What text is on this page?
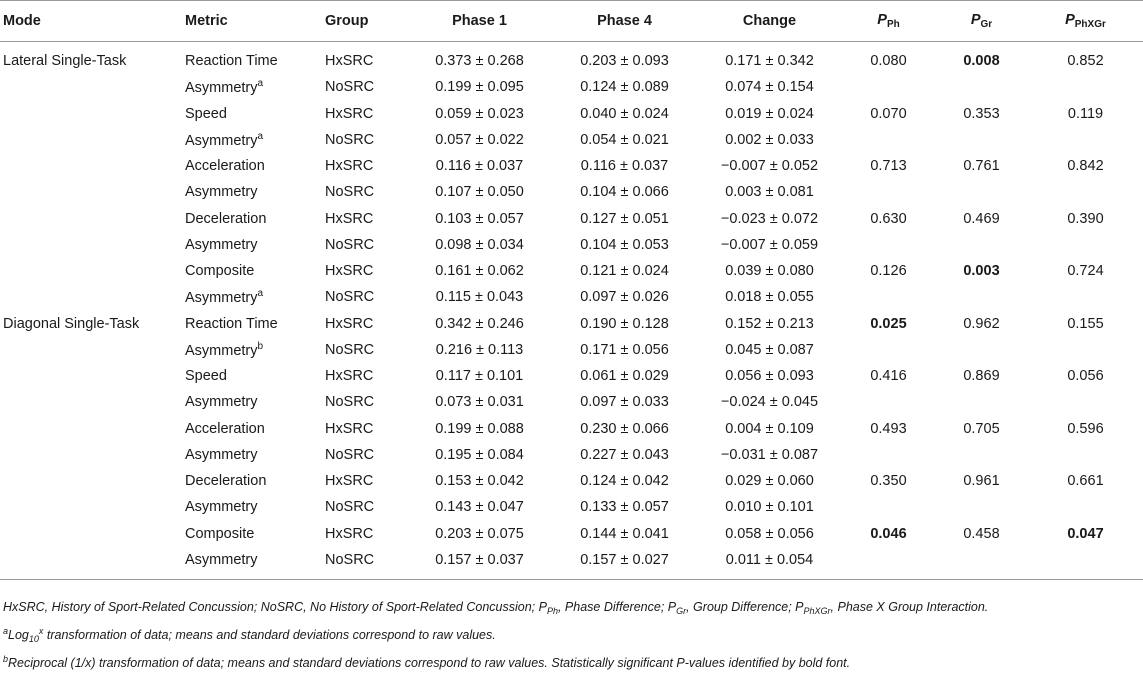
Mode	Metric	Group	Phase 1	Phase 4	Change	$P_{Ph}$	$P_{Gr}$	$P_{PhXGr}$
Lateral Single-Task	Reaction Time	HxSRC	0.373 ± 0.268	0.203 ± 0.093	0.171 ± 0.342	0.080	0.008	0.852
	Asymmetry$^a$	NoSRC	0.199 ± 0.095	0.124 ± 0.089	0.074 ± 0.154			
	Speed	HxSRC	0.059 ± 0.023	0.040 ± 0.024	0.019 ± 0.024	0.070	0.353	0.119
	Asymmetry$^a$	NoSRC	0.057 ± 0.022	0.054 ± 0.021	0.002 ± 0.033			
	Acceleration	HxSRC	0.116 ± 0.037	0.116 ± 0.037	−0.007 ± 0.052	0.713	0.761	0.842
	Asymmetry	NoSRC	0.107 ± 0.050	0.104 ± 0.066	0.003 ± 0.081			
	Deceleration	HxSRC	0.103 ± 0.057	0.127 ± 0.051	−0.023 ± 0.072	0.630	0.469	0.390
	Asymmetry	NoSRC	0.098 ± 0.034	0.104 ± 0.053	−0.007 ± 0.059			
	Composite	HxSRC	0.161 ± 0.062	0.121 ± 0.024	0.039 ± 0.080	0.126	0.003	0.724
	Asymmetry$^a$	NoSRC	0.115 ± 0.043	0.097 ± 0.026	0.018 ± 0.055			
Diagonal Single-Task	Reaction Time	HxSRC	0.342 ± 0.246	0.190 ± 0.128	0.152 ± 0.213	0.025	0.962	0.155
	Asymmetry$^b$	NoSRC	0.216 ± 0.113	0.171 ± 0.056	0.045 ± 0.087			
	Speed	HxSRC	0.117 ± 0.101	0.061 ± 0.029	0.056 ± 0.093	0.416	0.869	0.056
	Asymmetry	NoSRC	0.073 ± 0.031	0.097 ± 0.033	−0.024 ± 0.045			
	Acceleration	HxSRC	0.199 ± 0.088	0.230 ± 0.066	0.004 ± 0.109	0.493	0.705	0.596
	Asymmetry	NoSRC	0.195 ± 0.084	0.227 ± 0.043	−0.031 ± 0.087			
	Deceleration	HxSRC	0.153 ± 0.042	0.124 ± 0.042	0.029 ± 0.060	0.350	0.961	0.661
	Asymmetry	NoSRC	0.143 ± 0.047	0.133 ± 0.057	0.010 ± 0.101			
	Composite	HxSRC	0.203 ± 0.075	0.144 ± 0.041	0.058 ± 0.056	0.046	0.458	0.047
	Asymmetry	NoSRC	0.157 ± 0.037	0.157 ± 0.027	0.011 ± 0.054			
HxSRC, History of Sport-Related Concussion; NoSRC, No History of Sport-Related Concussion; $P_{Ph}$, Phase Difference; $P_{Gr}$, Group Difference; $P_{PhXGr}$, Phase X Group Interaction.
$^a$Log$_{10}^x$ transformation of data; means and standard deviations correspond to raw values.
$^b$Reciprocal (1/x) transformation of data; means and standard deviations correspond to raw values. Statistically significant P-values identified by bold font.
